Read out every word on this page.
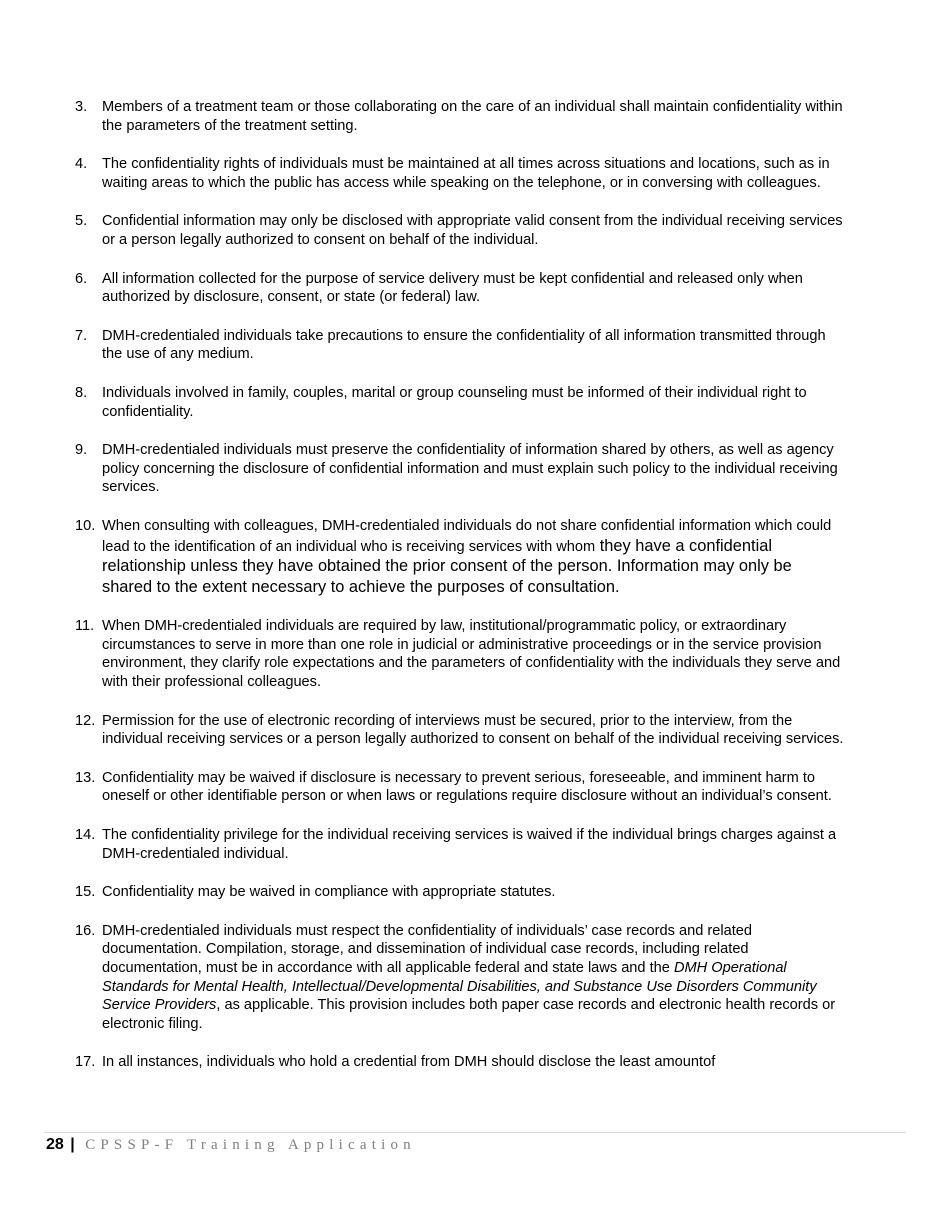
3.	Members of a treatment team or those collaborating on the care of an individual shall maintain confidentiality within the parameters of the treatment setting.
4.	The confidentiality rights of individuals must be maintained at all times across situations and locations, such as in waiting areas to which the public has access while speaking on the telephone, or in conversing with colleagues.
5.	Confidential information may only be disclosed with appropriate valid consent from the individual receiving services or a person legally authorized to consent on behalf of the individual.
6.	All information collected for the purpose of service delivery must be kept confidential and released only when authorized by disclosure, consent, or state (or federal) law.
7.	DMH-credentialed individuals take precautions to ensure the confidentiality of all information transmitted through the use of any medium.
8.	Individuals involved in family, couples, marital or group counseling must be informed of their individual right to confidentiality.
9.	DMH-credentialed individuals must preserve the confidentiality of information shared by others, as well as agency policy concerning the disclosure of confidential information and must explain such policy to the individual receiving services.
10. When consulting with colleagues, DMH-credentialed individuals do not share confidential information which could lead to the identification of an individual who is receiving services with whom they have a confidential relationship unless they have obtained the prior consent of the person. Information may only be shared to the extent necessary to achieve the purposes of consultation.
11. When DMH-credentialed individuals are required by law, institutional/programmatic policy, or extraordinary circumstances to serve in more than one role in judicial or administrative proceedings or in the service provision environment, they clarify role expectations and the parameters of confidentiality with the individuals they serve and with their professional colleagues.
12. Permission for the use of electronic recording of interviews must be secured, prior to the interview, from the individual receiving services or a person legally authorized to consent on behalf of the individual receiving services.
13. Confidentiality may be waived if disclosure is necessary to prevent serious, foreseeable, and imminent harm to oneself or other identifiable person or when laws or regulations require disclosure without an individual’s consent.
14. The confidentiality privilege for the individual receiving services is waived if the individual brings charges against a DMH-credentialed individual.
15. Confidentiality may be waived in compliance with appropriate statutes.
16. DMH-credentialed individuals must respect the confidentiality of individuals’ case records and related documentation. Compilation, storage, and dissemination of individual case records, including related documentation, must be in accordance with all applicable federal and state laws and the DMH Operational Standards for Mental Health, Intellectual/Developmental Disabilities, and Substance Use Disorders Community Service Providers, as applicable. This provision includes both paper case records and electronic health records or electronic filing.
17. In all instances, individuals who hold a credential from DMH should disclose the least amountof
28 | CPSSP-F Training Application
